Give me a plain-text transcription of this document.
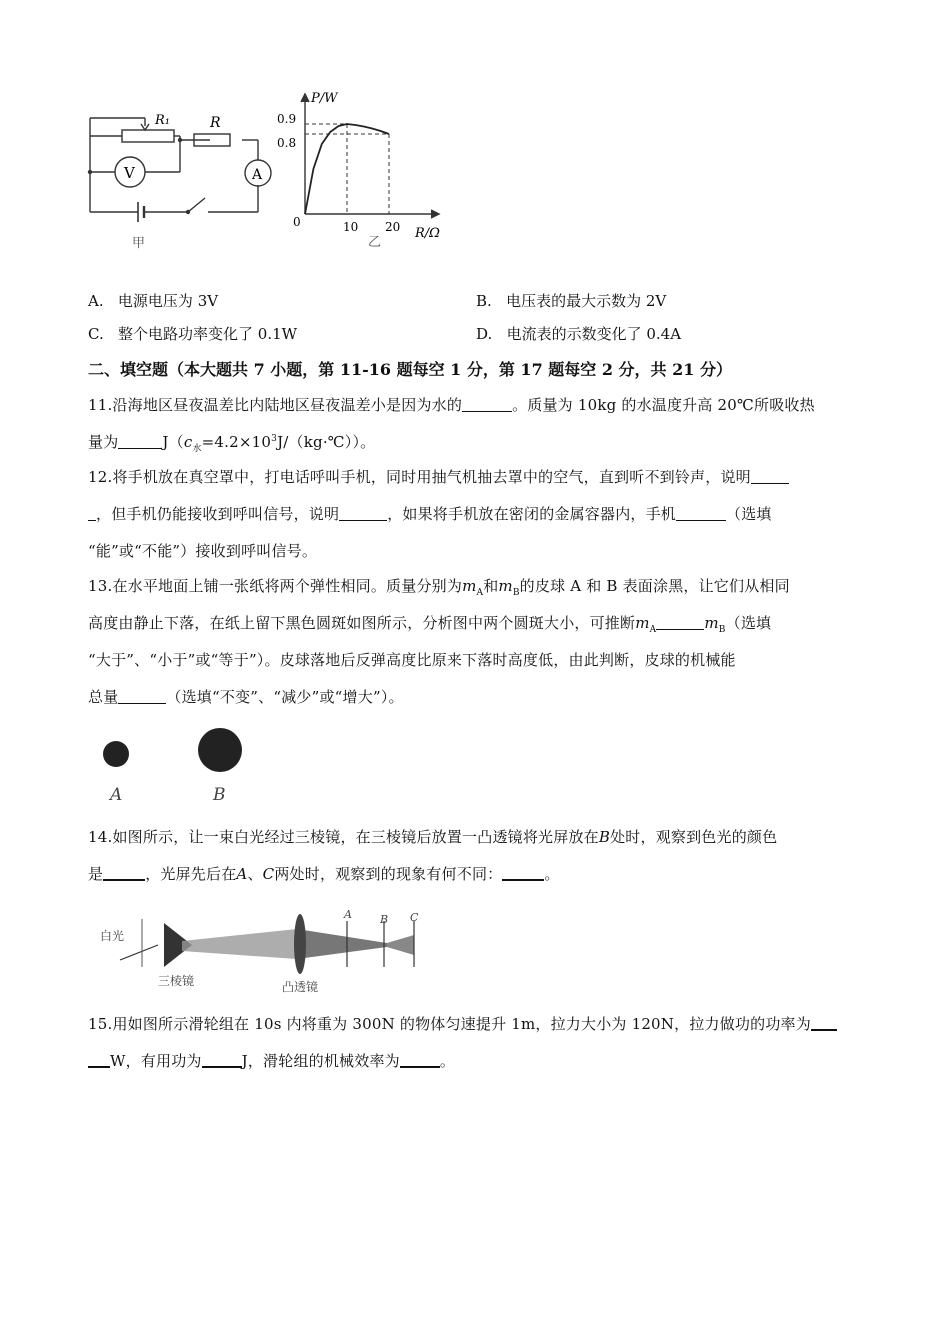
R₁	R
V	A
甲
P/W
R/Ω
0.9
0.8
10 20
0
乙
A. 电源电压为 3V	B. 电压表的最大示数为 2V
C. 整个电路功率变化了 0.1W	D. 电流表的示数变化了 0.4A
二、填空题（本大题共 7 小题，第 11-16 题每空 1 分，第 17 题每空 2 分，共 21 分）
11.沿海地区昼夜温差比内陆地区昼夜温差小是因为水的	。质量为 10kg 的水温度升高 20℃所吸收热
量为	$J(c_水=4.2\times 10^3J/(kg\cdot℃))$。
12.将手机放在真空罩中，打电话呼叫手机，同时用抽气机抽去罩中的空气，直到听不到铃声，说明
，但手机仍能接收到呼叫信号，说明	，如果将手机放在密闭的金属容器内，手机	（选填
“能”或“不能”）接收到呼叫信号。
13.在水平地面上铺一张纸将两个弹性相同。质量分别为$m_A$和$m_B$的皮球 A 和 B 表面涂黑，让它们从相同
高度由静止下落，在纸上留下黑色圆斑如图所示，分析图中两个圆斑大小，可推断$m_A$	$m_B$（选填
“大于”、“小于”或“等于”）。皮球落地后反弹高度比原来下落时高度低，由此判断，皮球的机械能
总量	（选填“不变”、“减少”或“增大”）。
A	B
14.如图所示，让一束白光经过三棱镜，在三棱镜后放置一凸透镜将光屏放在B处时，观察到色光的颜色
是	，光屏先后在A、C两处时，观察到的现象有何不同：	。
白光
三棱镜	凸透镜
A	B C
15.用如图所示滑轮组在 10s 内将重为 300N 的物体匀速提升 1m，拉力大小为 120N，拉力做功的功率为
W，有用功为	J，滑轮组的机械效率为	。
